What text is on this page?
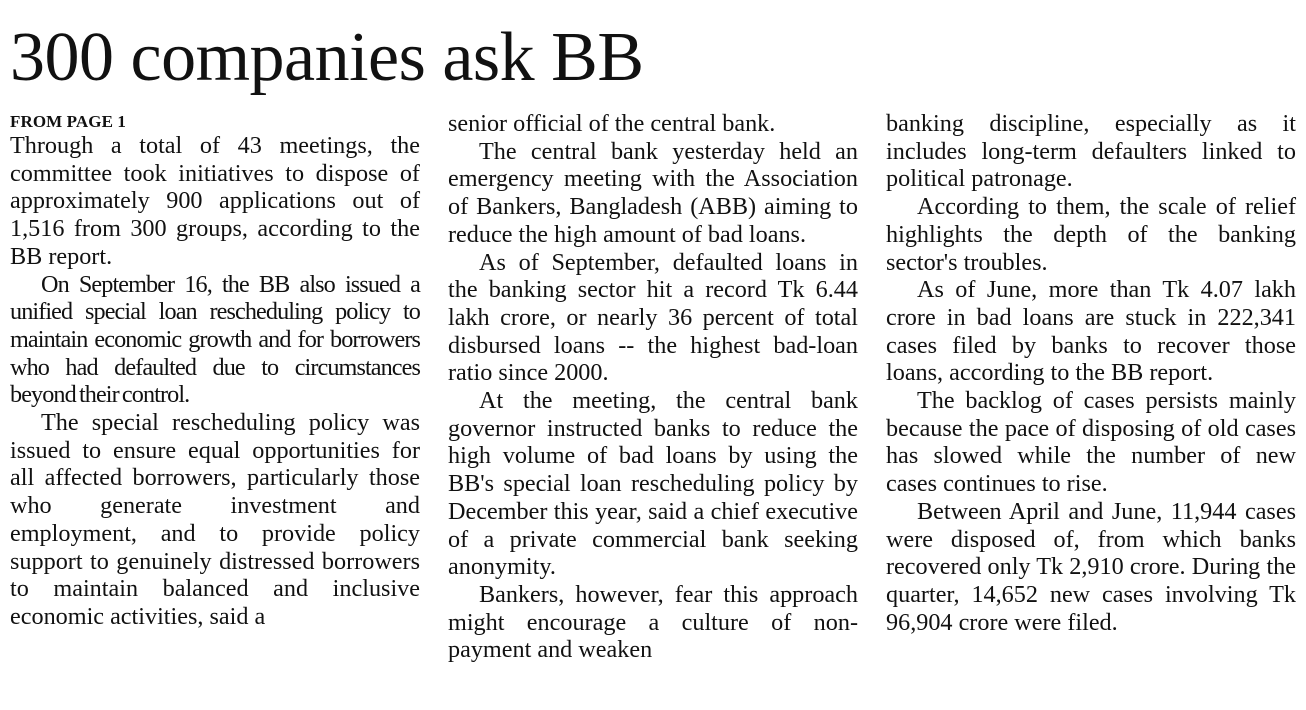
300 companies ask BB
FROM PAGE 1

Through a total of 43 meetings, the committee took initiatives to dispose of approximately 900 applications out of 1,516 from 300 groups, according to the BB report.

On September 16, the BB also issued a unified special loan rescheduling policy to maintain economic growth and for borrowers who had defaulted due to circumstances beyond their control.

The special rescheduling policy was issued to ensure equal opportunities for all affected borrowers, particularly those who generate investment and employment, and to provide policy support to genuinely distressed borrowers to maintain balanced and inclusive economic activities, said a

senior official of the central bank.

The central bank yesterday held an emergency meeting with the Association of Bankers, Bangladesh (ABB) aiming to reduce the high amount of bad loans.

As of September, defaulted loans in the banking sector hit a record Tk 6.44 lakh crore, or nearly 36 percent of total disbursed loans -- the highest bad-loan ratio since 2000.

At the meeting, the central bank governor instructed banks to reduce the high volume of bad loans by using the BB's special loan rescheduling policy by December this year, said a chief executive of a private commercial bank seeking anonymity.

Bankers, however, fear this approach might encourage a culture of non-payment and weaken

banking discipline, especially as it includes long-term defaulters linked to political patronage.

According to them, the scale of relief highlights the depth of the banking sector's troubles.

As of June, more than Tk 4.07 lakh crore in bad loans are stuck in 222,341 cases filed by banks to recover those loans, according to the BB report.

The backlog of cases persists mainly because the pace of disposing of old cases has slowed while the number of new cases continues to rise.

Between April and June, 11,944 cases were disposed of, from which banks recovered only Tk 2,910 crore. During the quarter, 14,652 new cases involving Tk 96,904 crore were filed.
